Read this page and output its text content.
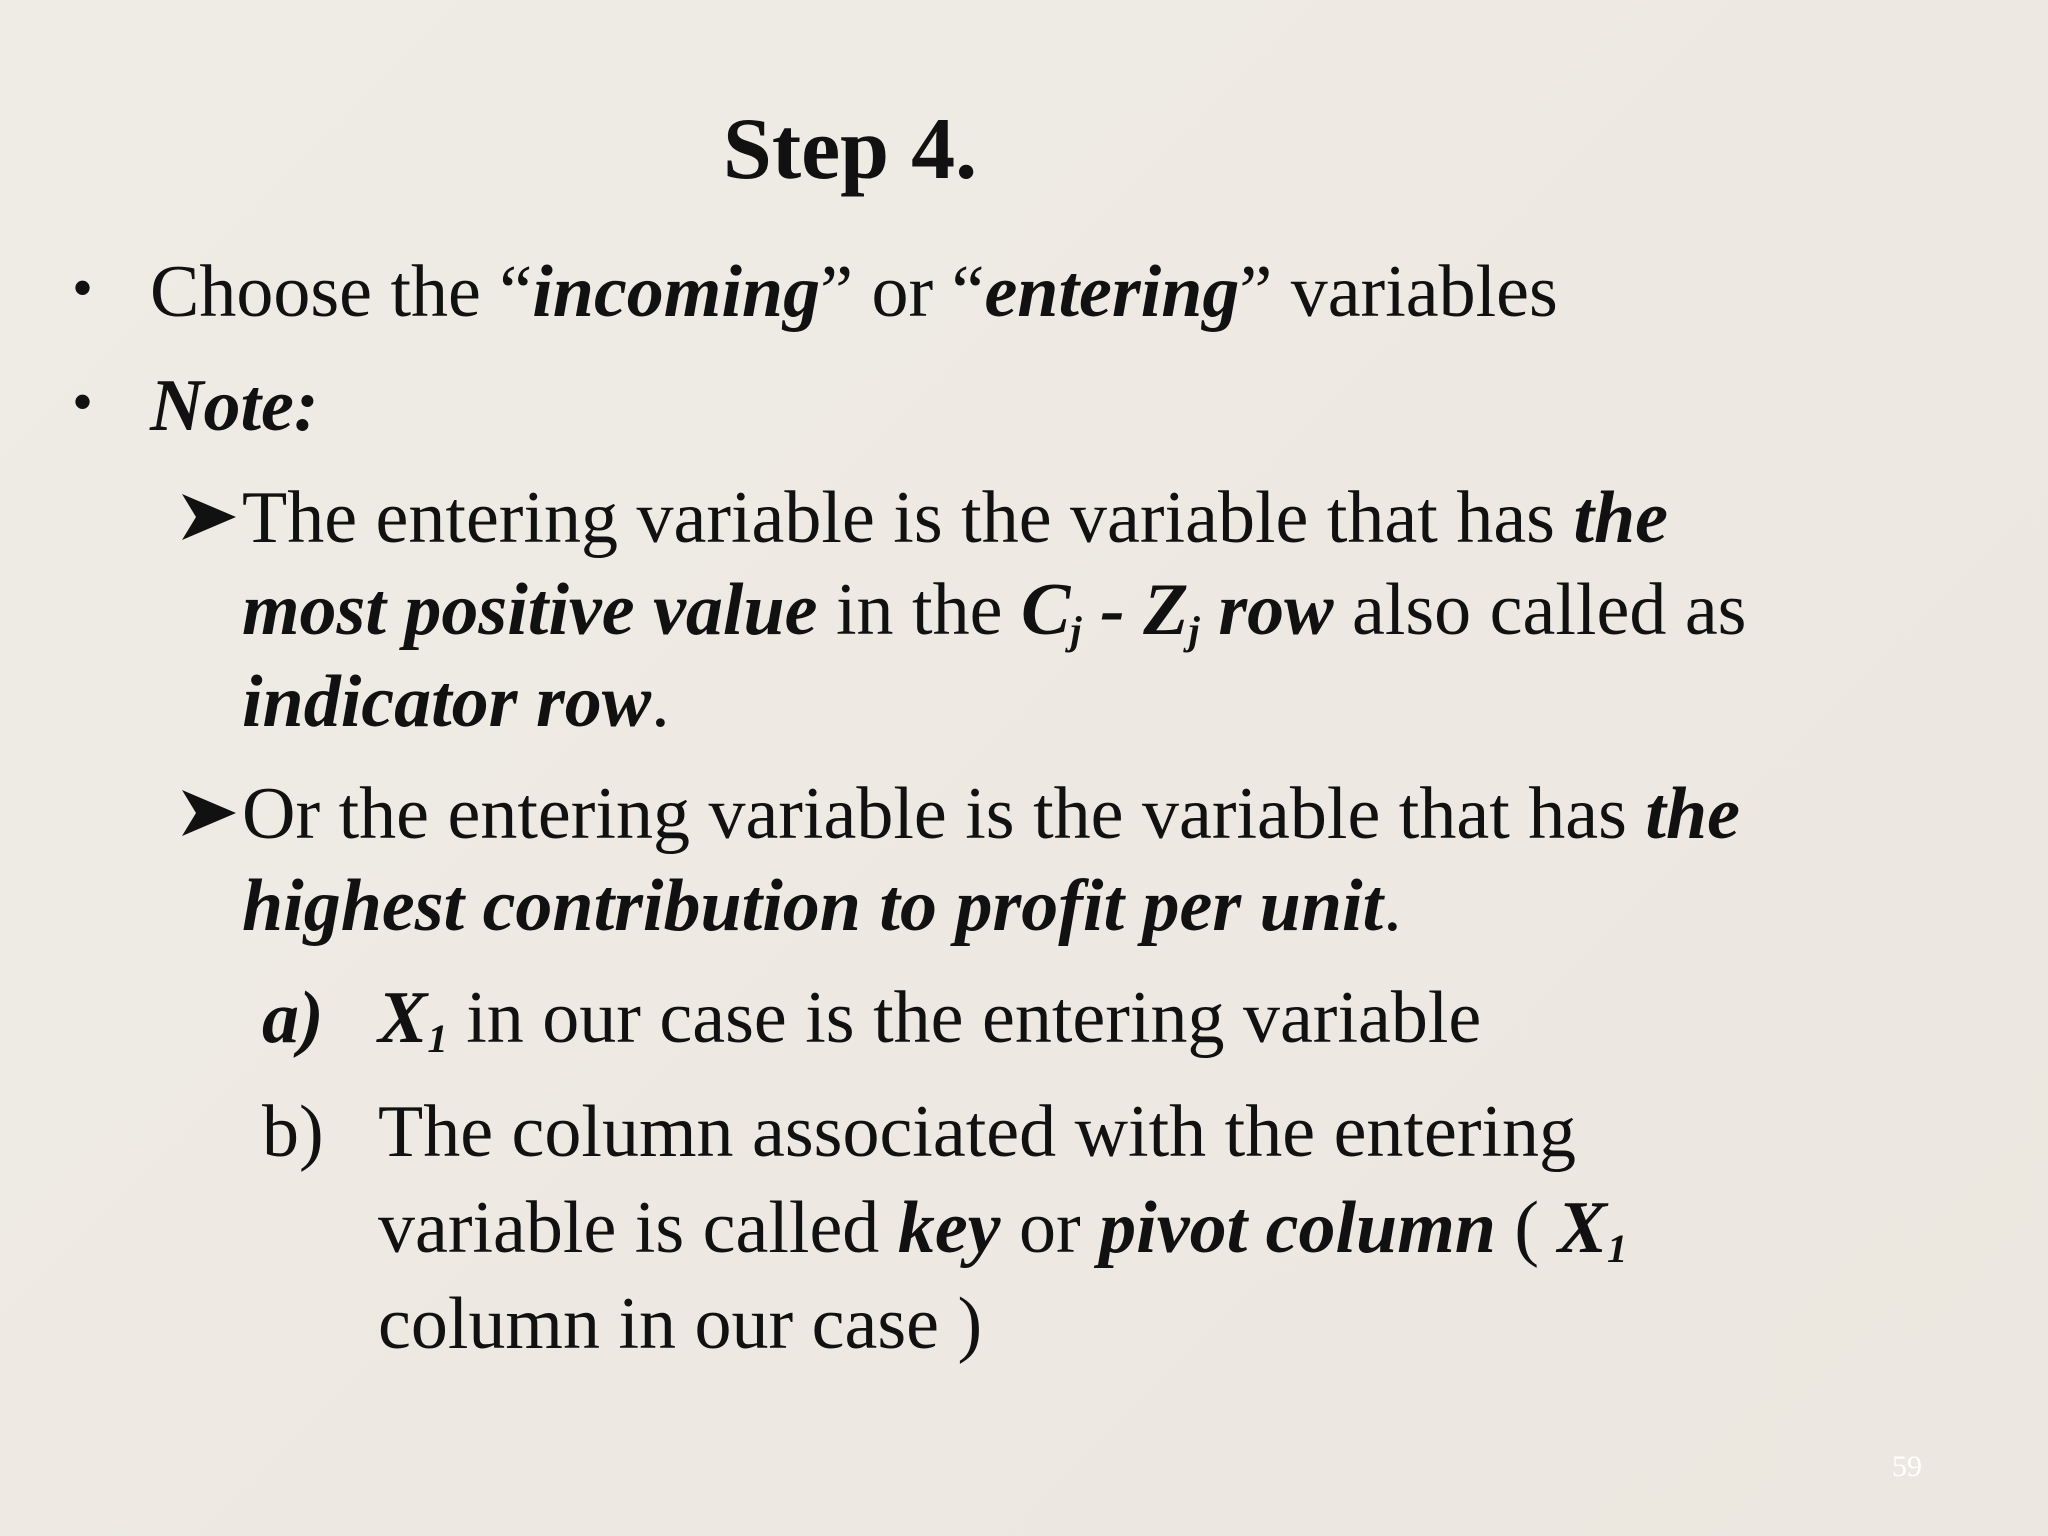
Step 4.
• Choose the “incoming” or “entering” variables
• Note:
The entering variable is the variable that has the
most positive value in the $C_j - Z_j$ row also called as
indicator row.
Or the entering variable is the variable that has the
highest contribution to profit per unit.
a) $X_1$ in our case is the entering variable
b) The column associated with the entering
variable is called key or pivot column ( $X_1$
column in our case )
59
